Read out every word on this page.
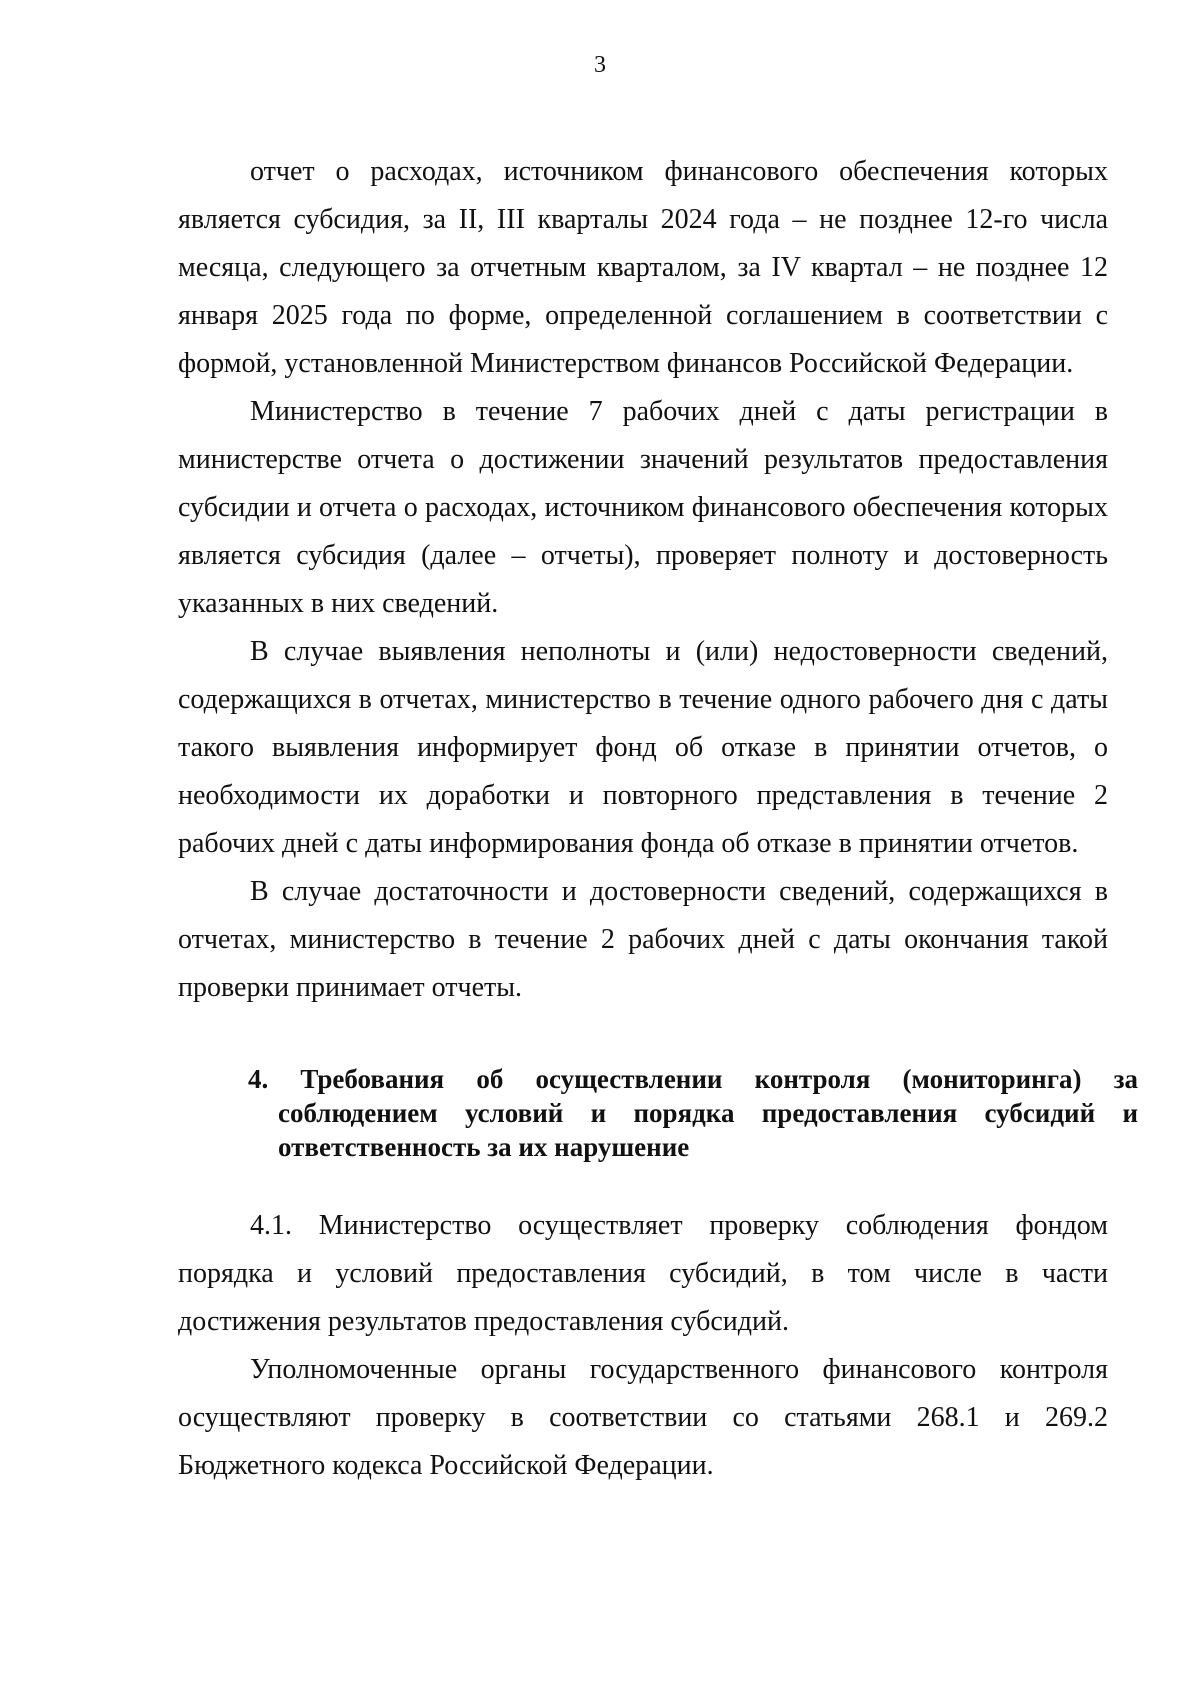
3

отчет о расходах, источником финансового обеспечения которых является субсидия, за II, III кварталы 2024 года – не позднее 12-го числа месяца, следующего за отчетным кварталом, за IV квартал – не позднее 12 января 2025 года по форме, определенной соглашением в соответствии с формой, установленной Министерством финансов Российской Федерации.

Министерство в течение 7 рабочих дней с даты регистрации в министерстве отчета о достижении значений результатов предоставления субсидии и отчета о расходах, источником финансового обеспечения которых является субсидия (далее – отчеты), проверяет полноту и достоверность указанных в них сведений.

В случае выявления неполноты и (или) недостоверности сведений, содержащихся в отчетах, министерство в течение одного рабочего дня с даты такого выявления информирует фонд об отказе в принятии отчетов, о необходимости их доработки и повторного представления в течение 2 рабочих дней с даты информирования фонда об отказе в принятии отчетов.

В случае достаточности и достоверности сведений, содержащихся в отчетах, министерство в течение 2 рабочих дней с даты окончания такой проверки принимает отчеты.

4. Требования об осуществлении контроля (мониторинга) за соблюдением условий и порядка предоставления субсидий и ответственность за их нарушение

4.1. Министерство осуществляет проверку соблюдения фондом порядка и условий предоставления субсидий, в том числе в части достижения результатов предоставления субсидий.

Уполномоченные органы государственного финансового контроля осуществляют проверку в соответствии со статьями 268.1 и 269.2 Бюджетного кодекса Российской Федерации.
